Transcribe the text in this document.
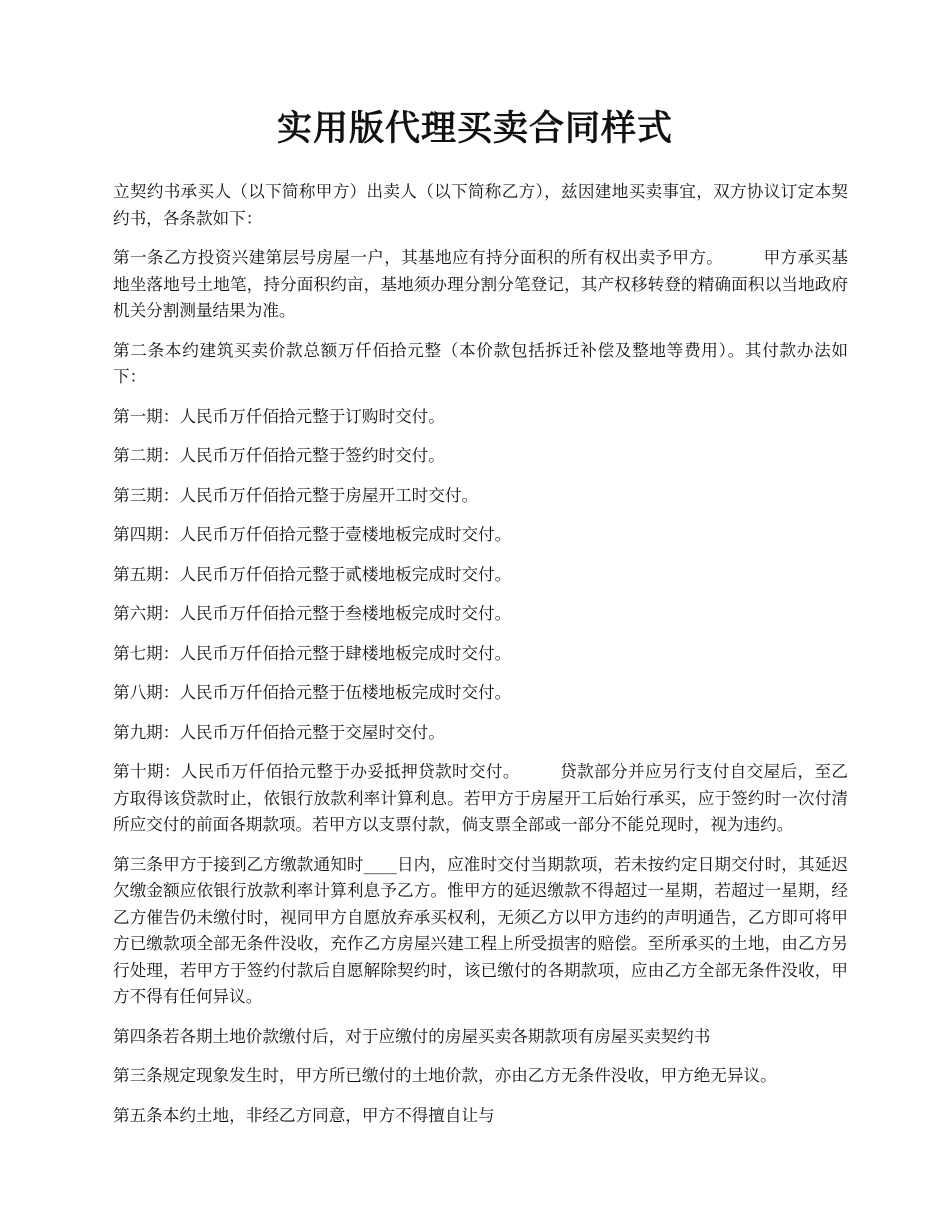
实用版代理买卖合同样式

立契约书承买人（以下简称甲方）出卖人（以下简称乙方），兹因建地买卖事宜，双方协议订定本契约书，各条款如下：

第一条乙方投资兴建第层号房屋一户，其基地应有持分面积的所有权出卖予甲方。 甲方承买基地坐落地号土地笔，持分面积约亩，基地须办理分割分笔登记，其产权移转登的精确面积以当地政府机关分割测量结果为准。

第二条本约建筑买卖价款总额万仟佰拾元整（本价款包括拆迁补偿及整地等费用）。其付款办法如下：

第一期：人民币万仟佰拾元整于订购时交付。

第二期：人民币万仟佰拾元整于签约时交付。

第三期：人民币万仟佰拾元整于房屋开工时交付。

第四期：人民币万仟佰拾元整于壹楼地板完成时交付。

第五期：人民币万仟佰拾元整于贰楼地板完成时交付。

第六期：人民币万仟佰拾元整于叁楼地板完成时交付。

第七期：人民币万仟佰拾元整于肆楼地板完成时交付。

第八期：人民币万仟佰拾元整于伍楼地板完成时交付。

第九期：人民币万仟佰拾元整于交屋时交付。

第十期：人民币万仟佰拾元整于办妥抵押贷款时交付。 贷款部分并应另行支付自交屋后，至乙方取得该贷款时止，依银行放款利率计算利息。若甲方于房屋开工后始行承买，应于签约时一次付清所应交付的前面各期款项。若甲方以支票付款，倘支票全部或一部分不能兑现时，视为违约。

第三条甲方于接到乙方缴款通知时____日内，应准时交付当期款项，若未按约定日期交付时，其延迟欠缴金额应依银行放款利率计算利息予乙方。惟甲方的延迟缴款不得超过一星期，若超过一星期，经乙方催告仍未缴付时，视同甲方自愿放弃承买权利，无须乙方以甲方违约的声明通告，乙方即可将甲方已缴款项全部无条件没收，充作乙方房屋兴建工程上所受损害的赔偿。至所承买的土地，由乙方另行处理，若甲方于签约付款后自愿解除契约时，该已缴付的各期款项，应由乙方全部无条件没收，甲方不得有任何异议。

第四条若各期土地价款缴付后，对于应缴付的房屋买卖各期款项有房屋买卖契约书

第三条规定现象发生时，甲方所已缴付的土地价款，亦由乙方无条件没收，甲方绝无异议。

第五条本约土地，非经乙方同意，甲方不得擅自让与
